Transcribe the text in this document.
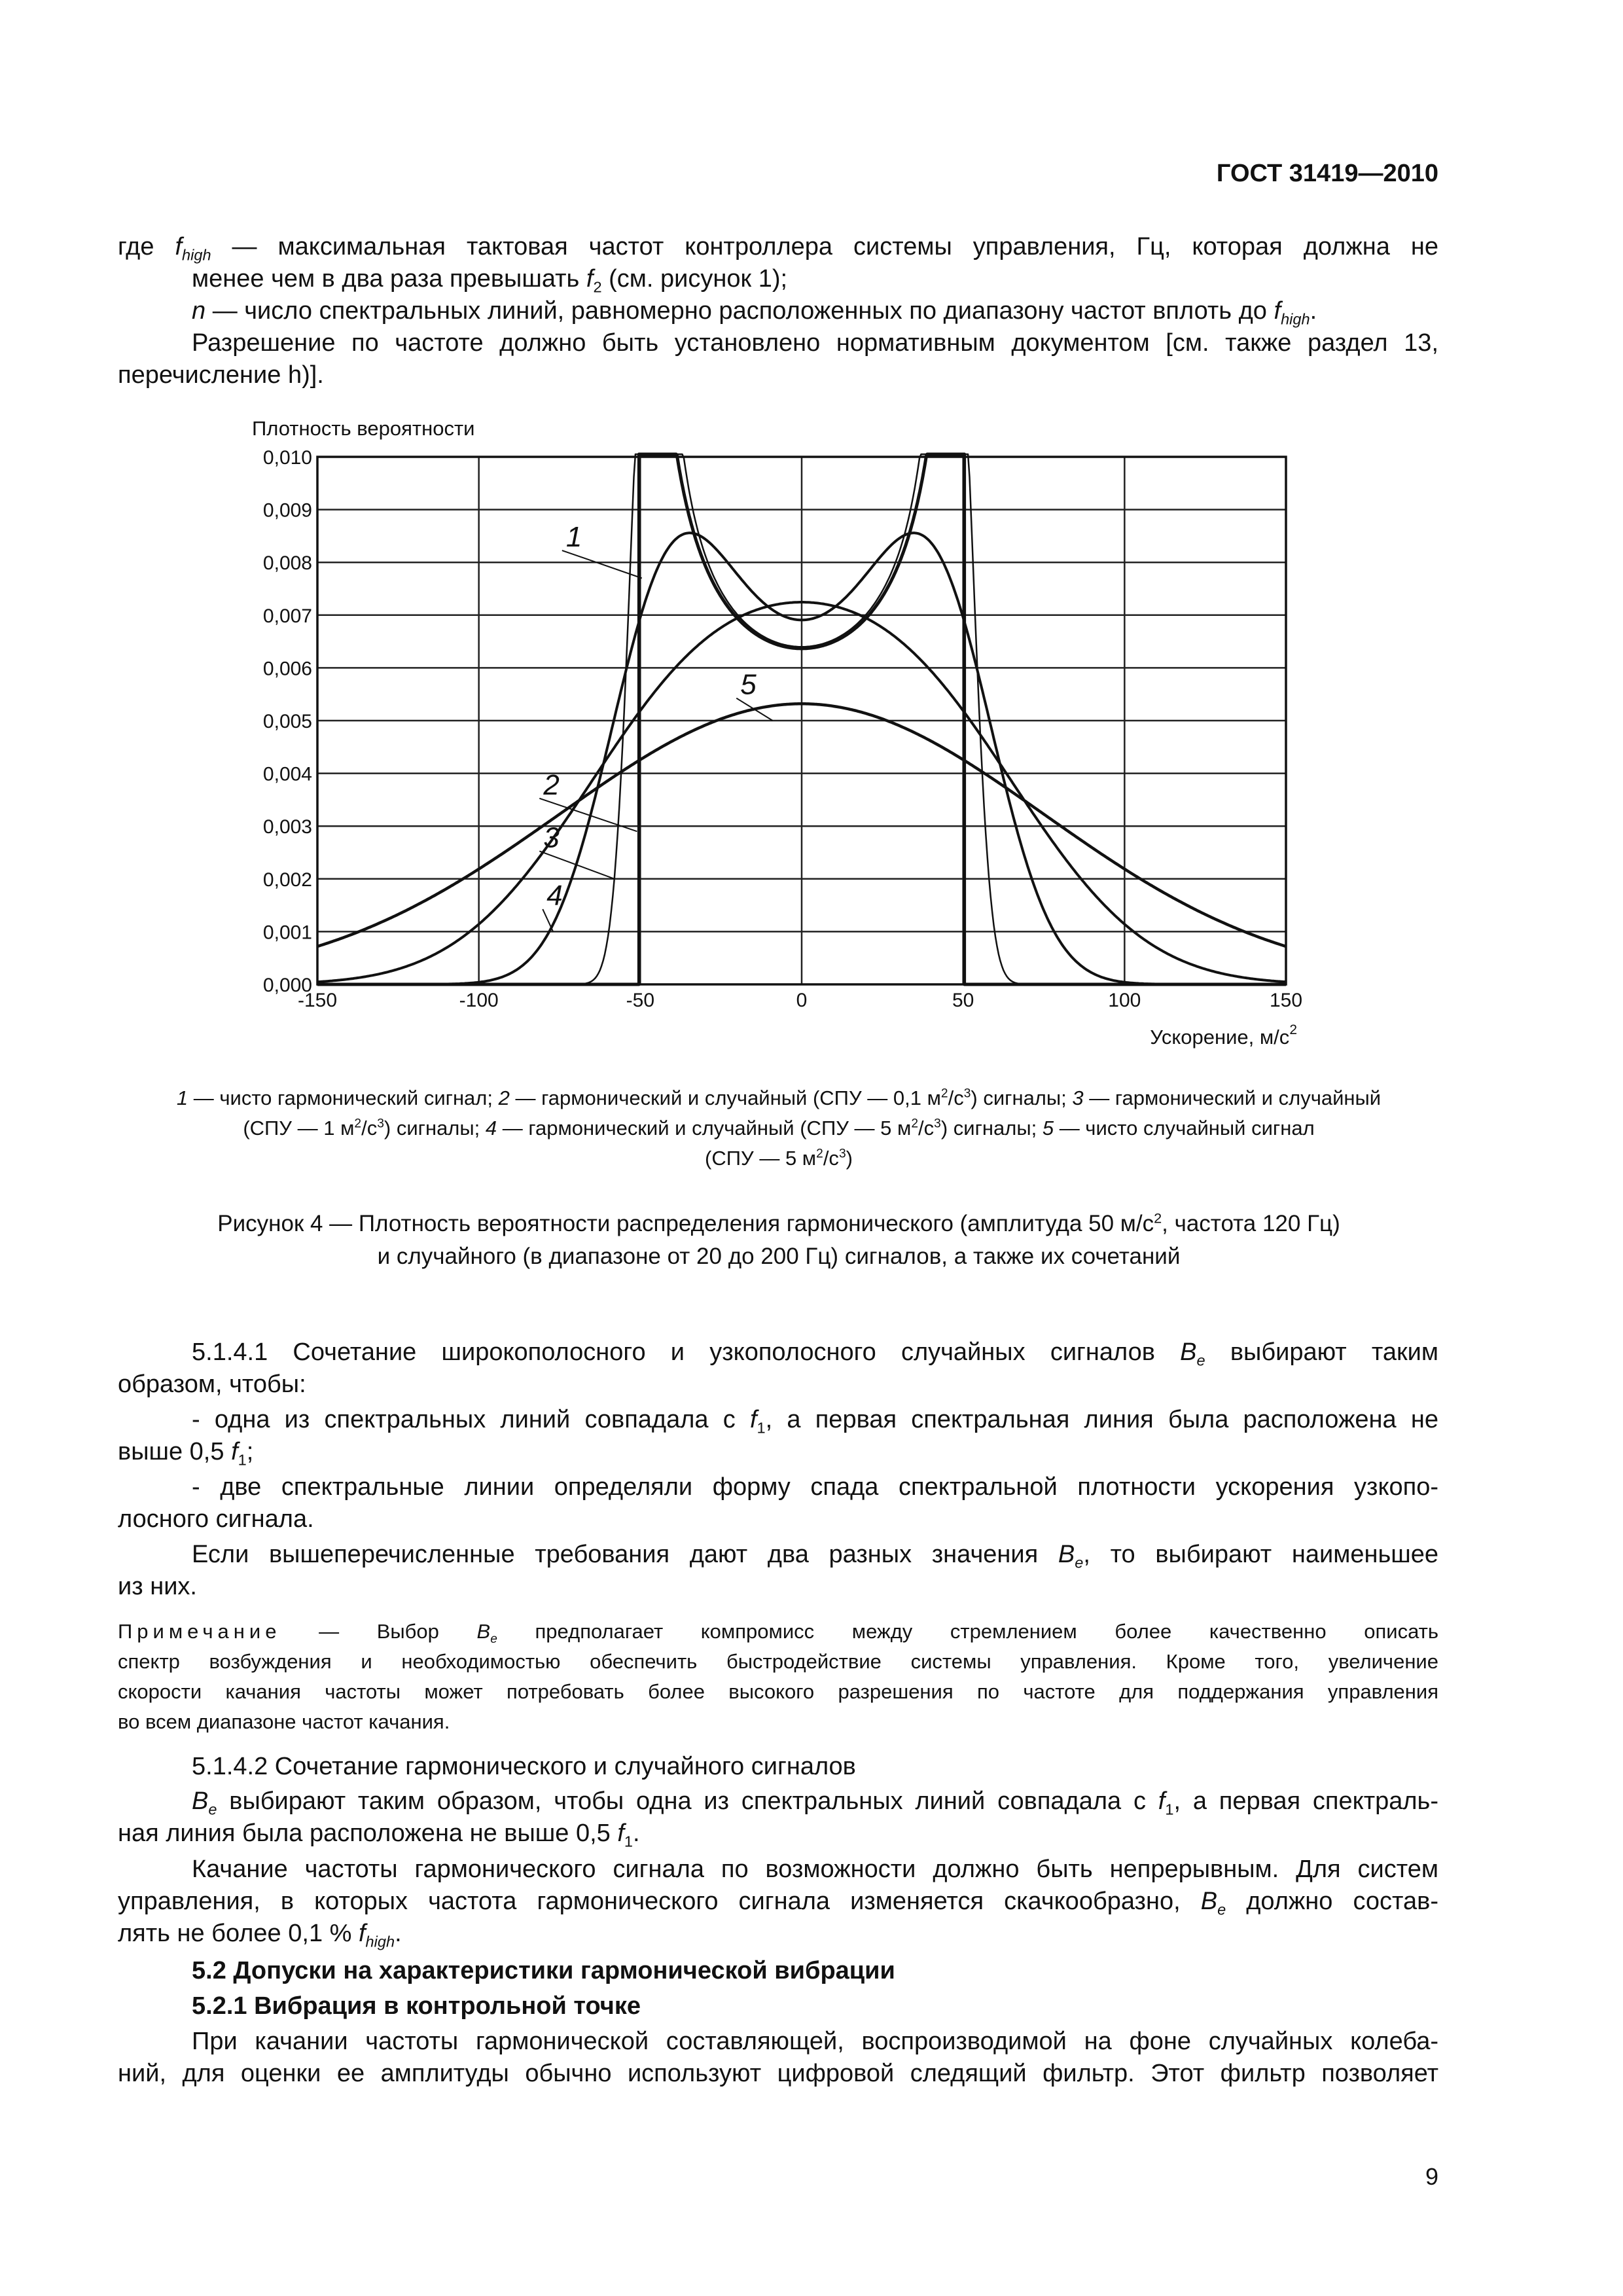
ГОСТ 31419—2010
где $f_{high}$ — максимальная тактовая частот контроллера системы управления, Гц, которая должна не
менее чем в два раза превышать $f_2$ (см. рисунок 1);
n — число спектральных линий, равномерно расположенных по диапазону частот вплоть до $f_{high}$.
Разрешение по частоте должно быть установлено нормативным документом [см. также раздел 13,
перечисление h)].
-150	-100	-50	0	50	100	150
0,000
0,001
0,002
0,003
0,004
0,005
0,006
0,007
0,008
0,009
0,010
1
2
3
4
5
Плотность вероятности
Ускорение, $м/с^2$
1 — чисто гармонический сигнал; 2 — гармонический и случайный (СПУ — 0,1 $м^2/с^3$) сигналы; 3 — гармонический и случайный
(СПУ — 1 $м^2/с^3$) сигналы; 4 — гармонический и случайный (СПУ — 5 $м^2/с^3$) сигналы; 5 — чисто случайный сигнал
(СПУ — 5 $м^2/с^3$)
Рисунок 4 — Плотность вероятности распределения гармонического (амплитуда 50 $м/с^2$, частота 120 Гц)
и случайного (в диапазоне от 20 до 200 Гц) сигналов, а также их сочетаний
5.1.4.1 Сочетание широкополосного и узкополосного случайных сигналов $B_e$ выбирают таким
образом, чтобы:
- одна из спектральных линий совпадала с $f_1$, а первая спектральная линия была расположена не
выше 0,5 $f_1$;
- две спектральные линии определяли форму спада спектральной плотности ускорения узкопо-
лосного сигнала.
Если вышеперечисленные требования дают два разных значения $B_e$, то выбирают наименьшее
из них.
Примечание — Выбор $B_e$ предполагает компромисс между стремлением более качественно описать
спектр возбуждения и необходимостью обеспечить быстродействие системы управления. Кроме того, увеличение
скорости качания частоты может потребовать более высокого разрешения по частоте для поддержания управления
во всем диапазоне частот качания.
5.1.4.2 Сочетание гармонического и случайного сигналов
$B_e$ выбирают таким образом, чтобы одна из спектральных линий совпадала с $f_1$, а первая спектраль-
ная линия была расположена не выше 0,5 $f_1$.
Качание частоты гармонического сигнала по возможности должно быть непрерывным. Для систем
управления, в которых частота гармонического сигнала изменяется скачкообразно, $B_e$ должно состав-
лять не более 0,1 % $f_{high}$.
5.2 Допуски на характеристики гармонической вибрации
5.2.1 Вибрация в контрольной точке
При качании частоты гармонической составляющей, воспроизводимой на фоне случайных колеба-
ний, для оценки ее амплитуды обычно используют цифровой следящий фильтр. Этот фильтр позволяет
9
